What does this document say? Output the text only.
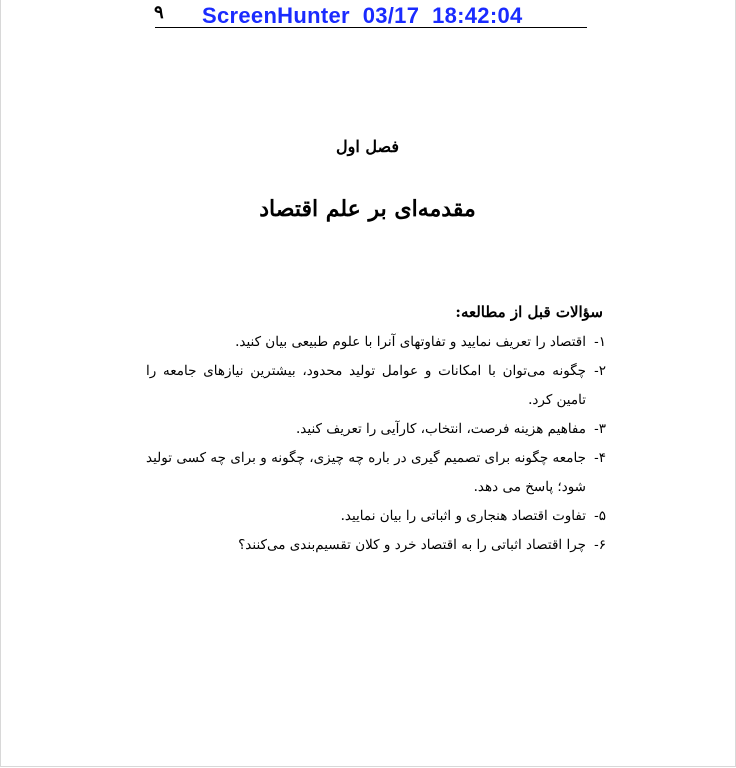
۹ ScreenHunter  03/17  18:42:04
فصل اول
مقدمه‌ای بر علم اقتصاد
سؤالات قبل از مطالعه:
۱-
اقتصاد را تعریف نمایید و تفاوتهای آنرا با علوم طبیعی بیان کنید.
۲-
چگونه می‌توان با امکانات و عوامل تولید محدود، بیشترین نیازهای جامعه را تامین کرد.
۳-
مفاهیم هزینه فرصت، انتخاب، کارآیی را تعریف کنید.
۴-
جامعه چگونه برای تصمیم گیری در باره چه چیزی، چگونه و برای چه کسی تولید شود؛ پاسخ می دهد.
۵-
تفاوت اقتصاد هنجاری و اثباتی را بیان نمایید.
۶-
چرا اقتصاد اثباتی را به اقتصاد خرد و کلان تقسیم‌بندی می‌کنند؟
